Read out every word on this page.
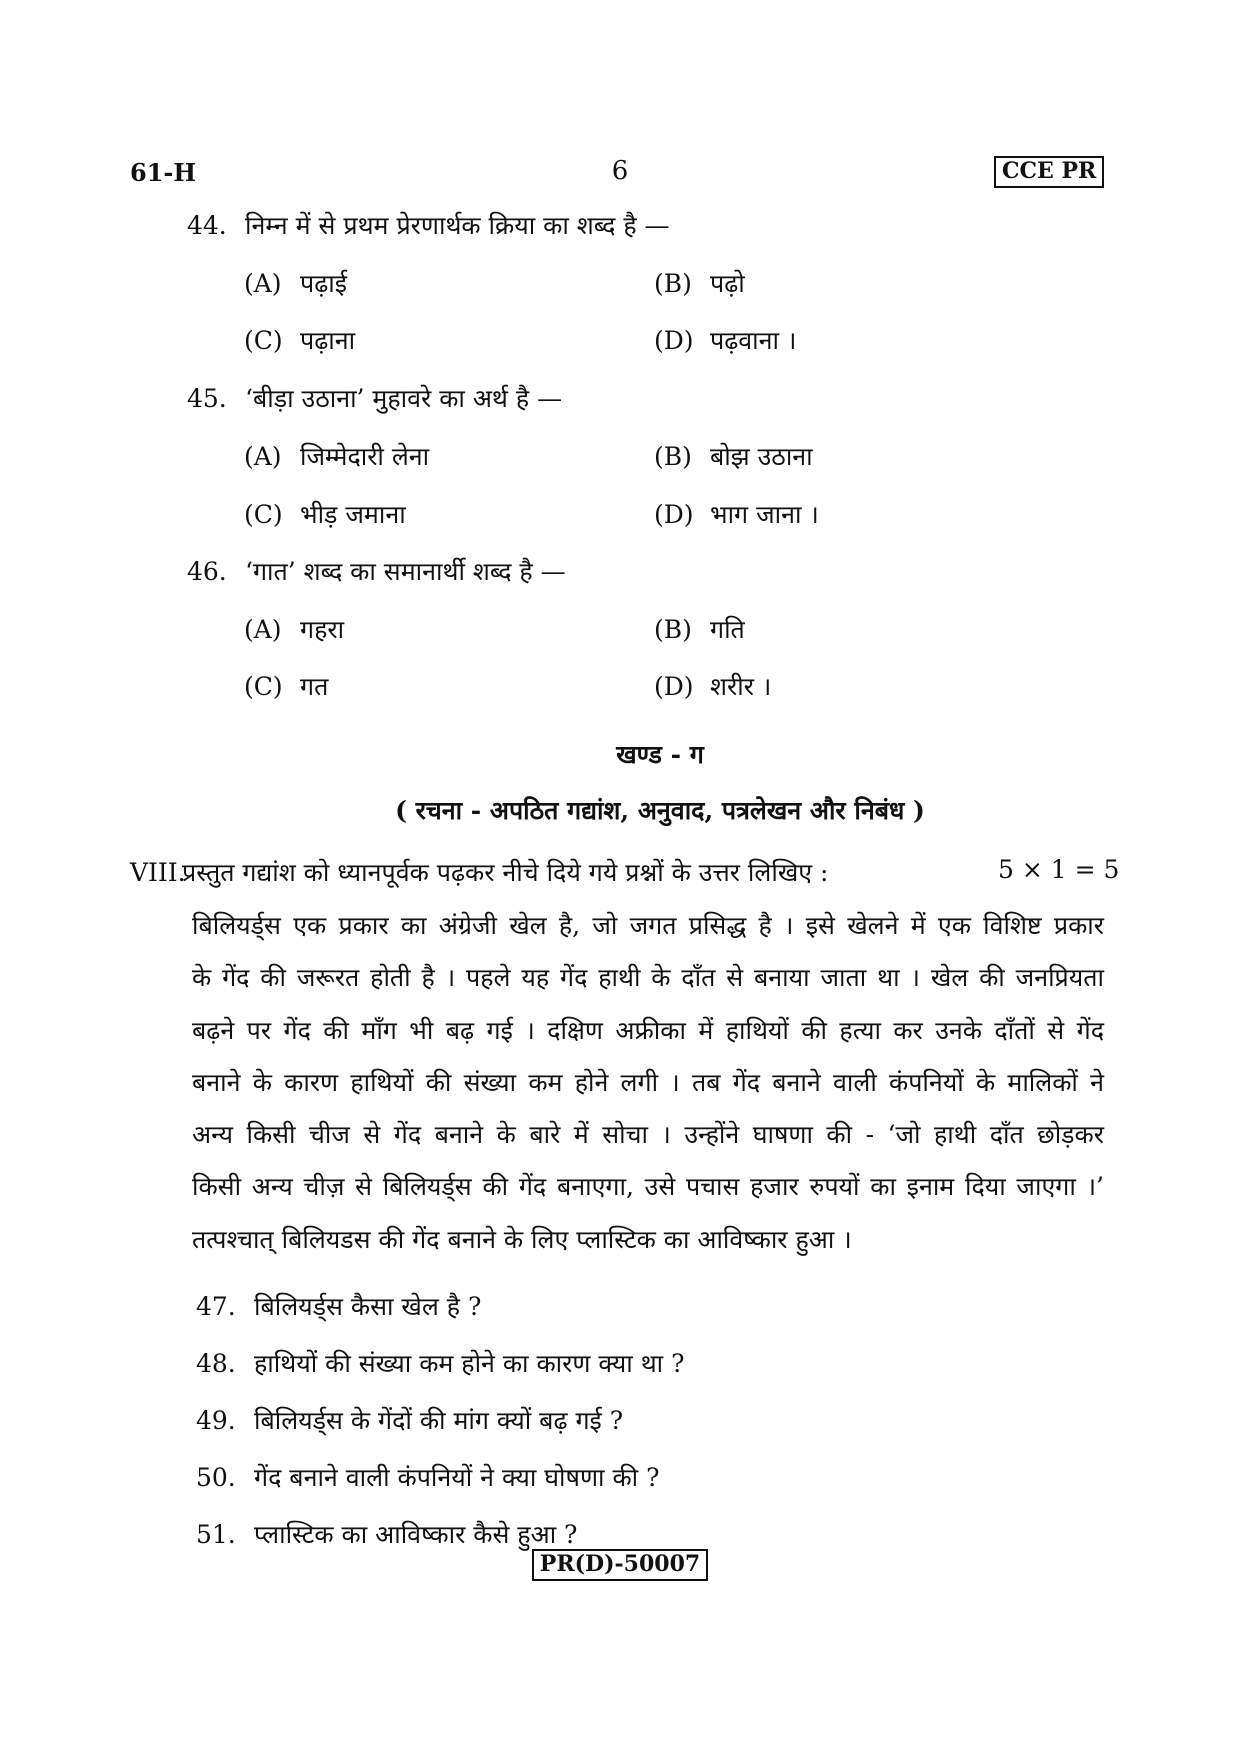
61-H	6	CCE PR
44. निम्न में से प्रथम प्रेरणार्थक क्रिया का शब्द है —
(A) पढ़ाई	(B) पढ़ो
(C) पढ़ाना	(D) पढ़वाना ।
45. ‘बीड़ा उठाना’ मुहावरे का अर्थ है —
(A) जिम्मेदारी लेना	(B) बोझ उठाना
(C) भीड़ जमाना	(D) भाग जाना ।
46. ‘गात’ शब्द का समानार्थी शब्द है —
(A) गहरा	(B) गति
(C) गत	(D) शरीर ।
खण्ड - ग
( रचना - अपठित गद्यांश, अनुवाद, पत्रलेखन और निबंध )
VIII.प्रस्तुत गद्यांश को ध्यानपूर्वक पढ़कर नीचे दिये गये प्रश्नों के उत्तर लिखिए :	5 × 1 = 5
बिलियर्ड्स एक प्रकार का अंग्रेजी खेल है, जो जगत प्रसिद्ध है । इसे खेलने में एक विशिष्ट प्रकार
के गेंद की जरूरत होती है । पहले यह गेंद हाथी के दाँत से बनाया जाता था । खेल की जनप्रियता
बढ़ने पर गेंद की माँग भी बढ़ गई । दक्षिण अफ्रीका में हाथियों की हत्या कर उनके दाँतों से गेंद
बनाने के कारण हाथियों की संख्या कम होने लगी । तब गेंद बनाने वाली कंपनियों के मालिकों ने
अन्य किसी चीज से गेंद बनाने के बारे में सोचा । उन्होंने घाषणा की - ‘जो हाथी दाँत छोड़कर
किसी अन्य चीज़ से बिलियर्ड्स की गेंद बनाएगा, उसे पचास हजार रुपयों का इनाम दिया जाएगा ।’
तत्पश्चात् बिलियडस की गेंद बनाने के लिए प्लास्टिक का आविष्कार हुआ ।
47. बिलियर्ड्स कैसा खेल है ?
48. हाथियों की संख्या कम होने का कारण क्या था ?
49. बिलियर्ड्स के गेंदों की मांग क्यों बढ़ गई ?
50. गेंद बनाने वाली कंपनियों ने क्या घोषणा की ?
51. प्लास्टिक का आविष्कार कैसे हुआ ?
PR(D)-50007
